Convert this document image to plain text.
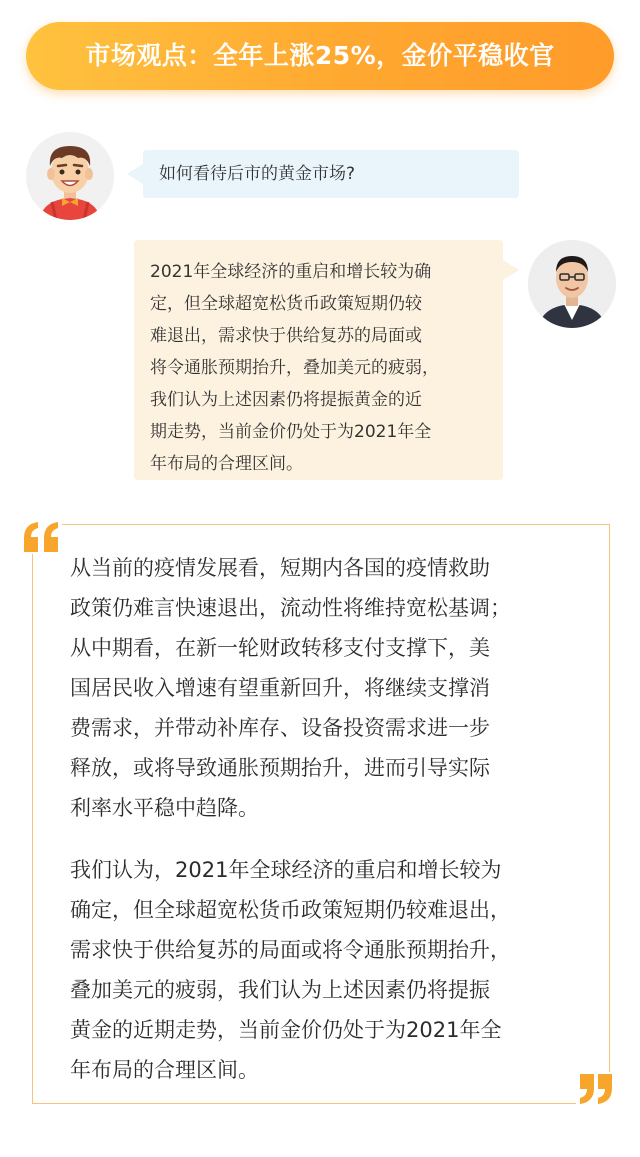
市场观点：全年上涨25%，金价平稳收官
如何看待后市的黄金市场?

2021年全球经济的重启和增长较为确

定，但全球超宽松货币政策短期仍较

难退出，需求快于供给复苏的局面或

将令通胀预期抬升，叠加美元的疲弱，

我们认为上述因素仍将提振黄金的近

期走势，当前金价仍处于为2021年全

年布局的合理区间。

从当前的疫情发展看，短期内各国的疫情救助
政策仍难言快速退出，流动性将维持宽松基调；
从中期看，在新一轮财政转移支付支撑下，美
国居民收入增速有望重新回升，将继续支撑消
费需求，并带动补库存、设备投资需求进一步
释放，或将导致通胀预期抬升，进而引导实际
利率水平稳中趋降。

我们认为，2021年全球经济的重启和增长较为
确定，但全球超宽松货币政策短期仍较难退出，
需求快于供给复苏的局面或将令通胀预期抬升，
叠加美元的疲弱，我们认为上述因素仍将提振
黄金的近期走势，当前金价仍处于为2021年全
年布局的合理区间。
